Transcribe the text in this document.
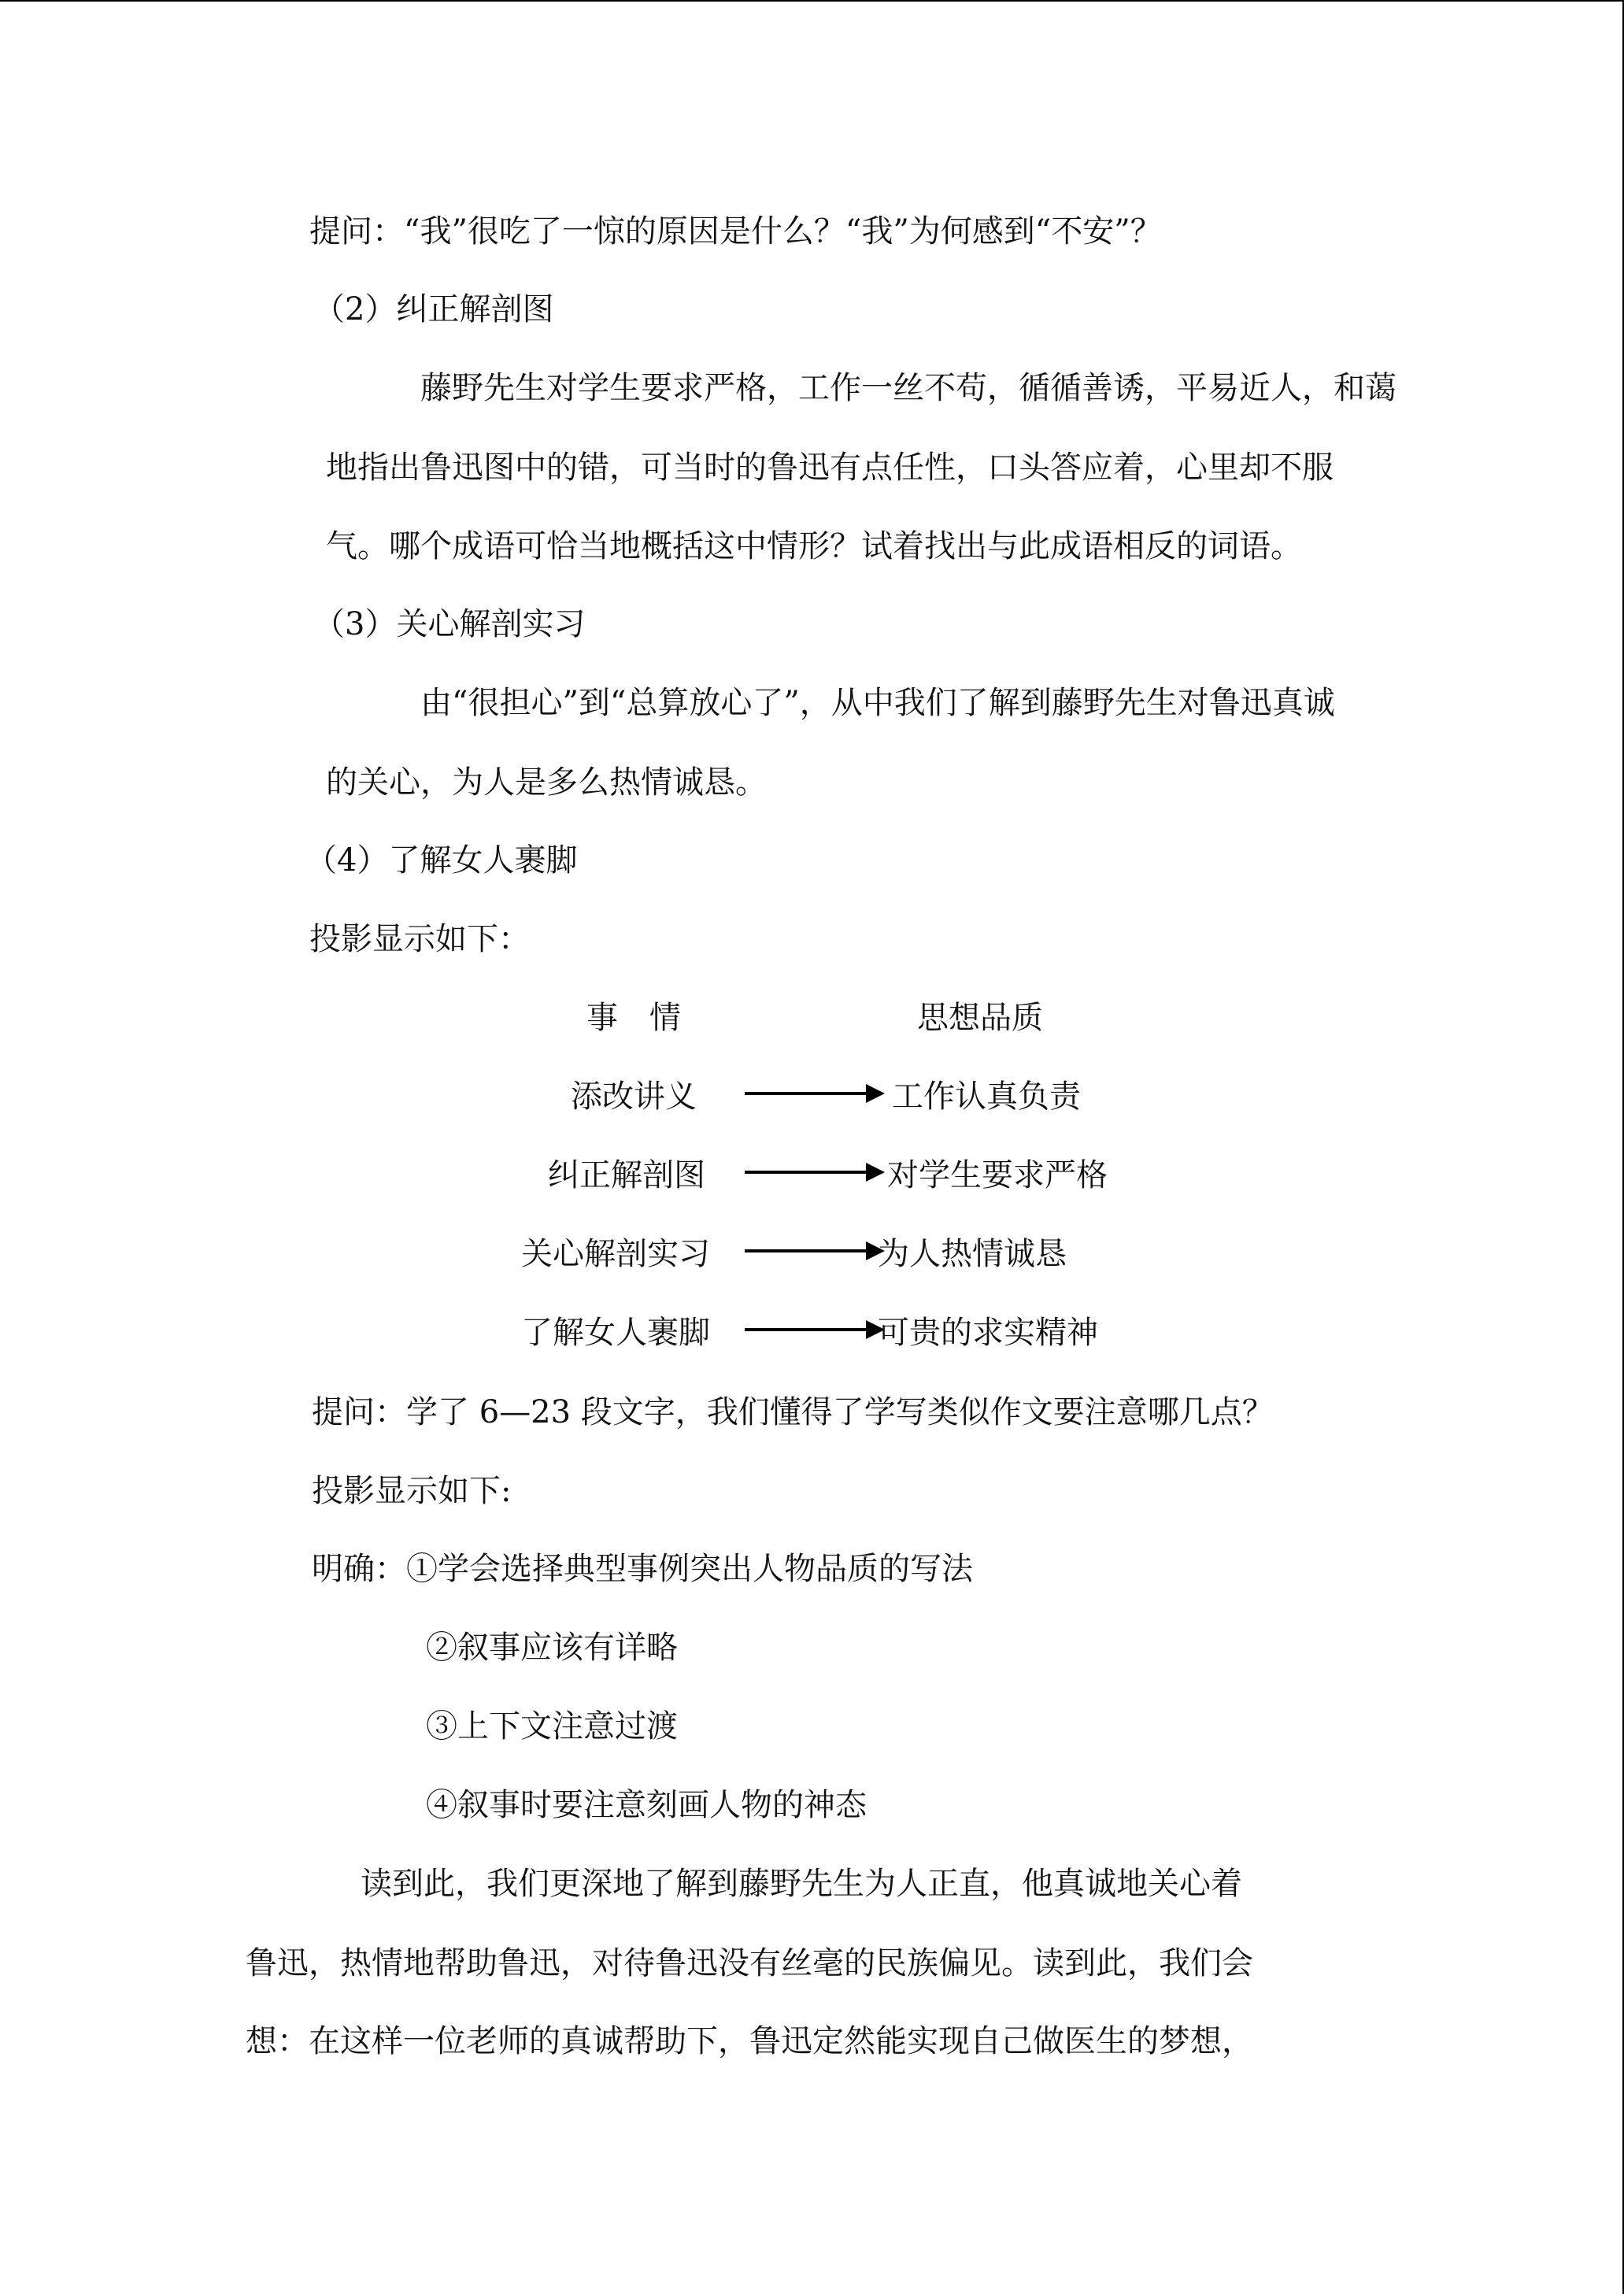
提问：“我”很吃了一惊的原因是什么？“我”为何感到“不安”？
（2）纠正解剖图
藤野先生对学生要求严格，工作一丝不苟，循循善诱，平易近人，和蔼
地指出鲁迅图中的错，可当时的鲁迅有点任性，口头答应着，心里却不服
气。哪个成语可恰当地概括这中情形？试着找出与此成语相反的词语。
（3）关心解剖实习
由“很担心”到“总算放心了”，从中我们了解到藤野先生对鲁迅真诚
的关心，为人是多么热情诚恳。
（4）了解女人裹脚
投影显示如下：
事　情	思想品质
添改讲义	工作认真负责
纠正解剖图	对学生要求严格
关心解剖实习	为人热情诚恳
了解女人裹脚	可贵的求实精神
提问：学了 6—23 段文字，我们懂得了学写类似作文要注意哪几点？
投影显示如下:
明确： ①学会选择典型事例突出人物品质的写法
②叙事应该有详略
③上下文注意过渡
④叙事时要注意刻画人物的神态
读到此，我们更深地了解到藤野先生为人正直，他真诚地关心着
鲁迅，热情地帮助鲁迅，对待鲁迅没有丝毫的民族偏见。读到此，我们会
想：在这样一位老师的真诚帮助下，鲁迅定然能实现自己做医生的梦想，
